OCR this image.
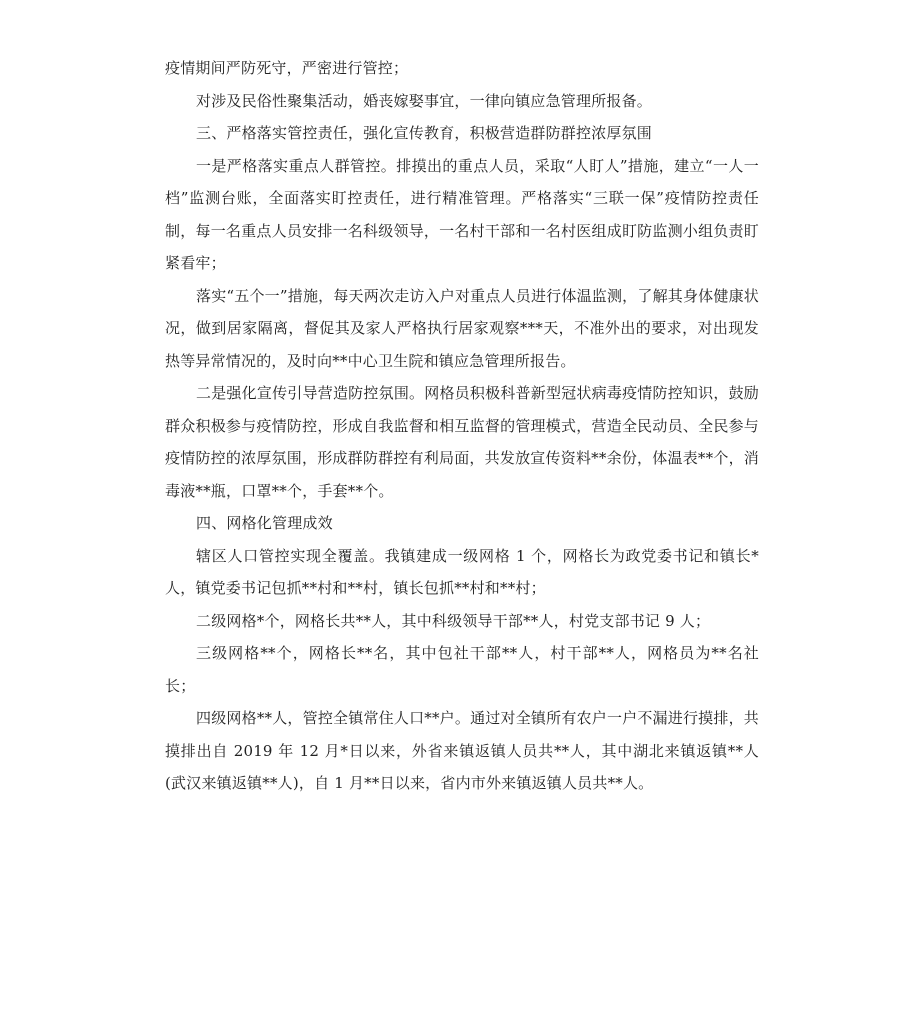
疫情期间严防死守，严密进行管控；

对涉及民俗性聚集活动，婚丧嫁娶事宜，一律向镇应急管理所报备。

三、严格落实管控责任，强化宣传教育，积极营造群防群控浓厚氛围

一是严格落实重点人群管控。排摸出的重点人员，采取“人盯人”措施，建立“一人一档”监测台账，全面落实盯控责任，进行精准管理。严格落实“三联一保”疫情防控责任制，每一名重点人员安排一名科级领导，一名村干部和一名村医组成盯防监测小组负责盯紧看牢；

落实“五个一”措施，每天两次走访入户对重点人员进行体温监测，了解其身体健康状况，做到居家隔离，督促其及家人严格执行居家观察***天，不准外出的要求，对出现发热等异常情况的，及时向**中心卫生院和镇应急管理所报告。

二是强化宣传引导营造防控氛围。网格员积极科普新型冠状病毒疫情防控知识，鼓励群众积极参与疫情防控，形成自我监督和相互监督的管理模式，营造全民动员、全民参与疫情防控的浓厚氛围，形成群防群控有利局面，共发放宣传资料**余份，体温表**个，消毒液**瓶，口罩**个，手套**个。

四、网格化管理成效

辖区人口管控实现全覆盖。我镇建成一级网格 1 个，网格长为政党委书记和镇长*人，镇党委书记包抓**村和**村，镇长包抓**村和**村；

二级网格*个，网格长共**人，其中科级领导干部**人，村党支部书记 9 人；

三级网格**个，网格长**名，其中包社干部**人，村干部**人，网格员为**名社长；

四级网格**人，管控全镇常住人口**户。通过对全镇所有农户一户不漏进行摸排，共摸排出自 2019 年 12 月*日以来，外省来镇返镇人员共**人，其中湖北来镇返镇**人(武汉来镇返镇**人)，自 1 月**日以来，省内市外来镇返镇人员共**人。
